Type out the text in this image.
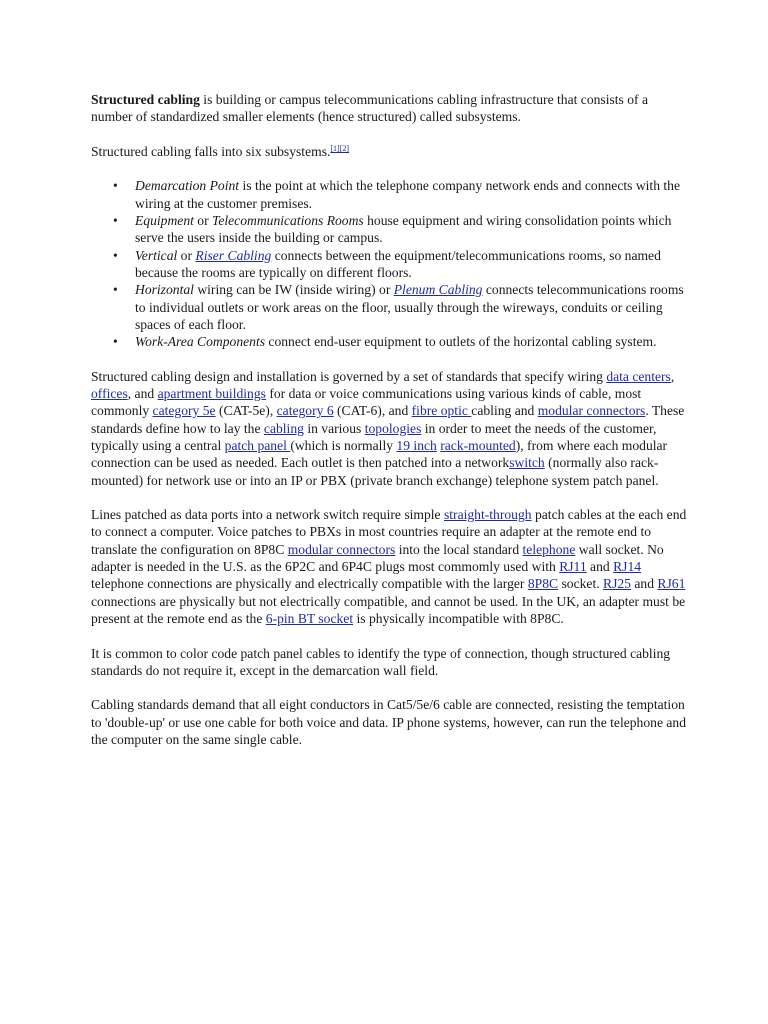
Structured cabling is building or campus telecommunications cabling infrastructure that consists of a number of standardized smaller elements (hence structured) called subsystems.

Structured cabling falls into six subsystems.[1][2]

• Demarcation Point is the point at which the telephone company network ends and connects with the wiring at the customer premises.
• Equipment or Telecommunications Rooms house equipment and wiring consolidation points which serve the users inside the building or campus.
• Vertical or Riser Cabling connects between the equipment/telecommunications rooms, so named because the rooms are typically on different floors.
• Horizontal wiring can be IW (inside wiring) or Plenum Cabling connects telecommunications rooms to individual outlets or work areas on the floor, usually through the wireways, conduits or ceiling spaces of each floor.
• Work-Area Components connect end-user equipment to outlets of the horizontal cabling system.

Structured cabling design and installation is governed by a set of standards that specify wiring data centers, offices, and apartment buildings for data or voice communications using various kinds of cable, most commonly category 5e (CAT-5e), category 6 (CAT-6), and fibre optic cabling and modular connectors. These standards define how to lay the cabling in various topologies in order to meet the needs of the customer, typically using a central patch panel (which is normally 19 inch rack-mounted), from where each modular connection can be used as needed. Each outlet is then patched into a networkswitch (normally also rack-mounted) for network use or into an IP or PBX (private branch exchange) telephone system patch panel.

Lines patched as data ports into a network switch require simple straight-through patch cables at the each end to connect a computer. Voice patches to PBXs in most countries require an adapter at the remote end to translate the configuration on 8P8C modular connectors into the local standard telephone wall socket. No adapter is needed in the U.S. as the 6P2C and 6P4C plugs most commomly used with RJ11 and RJ14 telephone connections are physically and electrically compatible with the larger 8P8C socket. RJ25 and RJ61 connections are physically but not electrically compatible, and cannot be used. In the UK, an adapter must be present at the remote end as the 6-pin BT socket is physically incompatible with 8P8C.

It is common to color code patch panel cables to identify the type of connection, though structured cabling standards do not require it, except in the demarcation wall field.

Cabling standards demand that all eight conductors in Cat5/5e/6 cable are connected, resisting the temptation to 'double-up' or use one cable for both voice and data. IP phone systems, however, can run the telephone and the computer on the same single cable.
